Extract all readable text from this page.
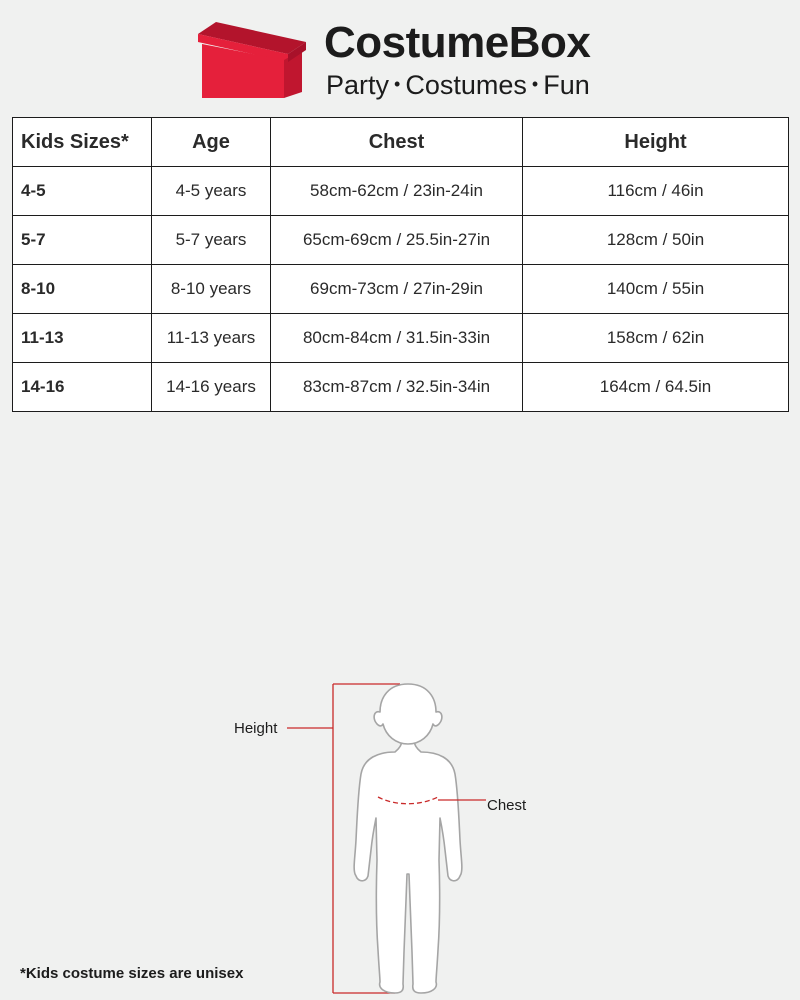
CostumeBox
Party • Costumes • Fun
Kids Sizes*	Age	Chest	Height
4-5	4-5 years	58cm-62cm / 23in-24in	116cm / 46in
5-7	5-7 years	65cm-69cm / 25.5in-27in	128cm / 50in
8-10	8-10 years	69cm-73cm / 27in-29in	140cm / 55in
11-13	11-13 years	80cm-84cm / 31.5in-33in	158cm / 62in
14-16	14-16 years	83cm-87cm / 32.5in-34in	164cm / 64.5in
Height
Chest
*Kids costume sizes are unisex
